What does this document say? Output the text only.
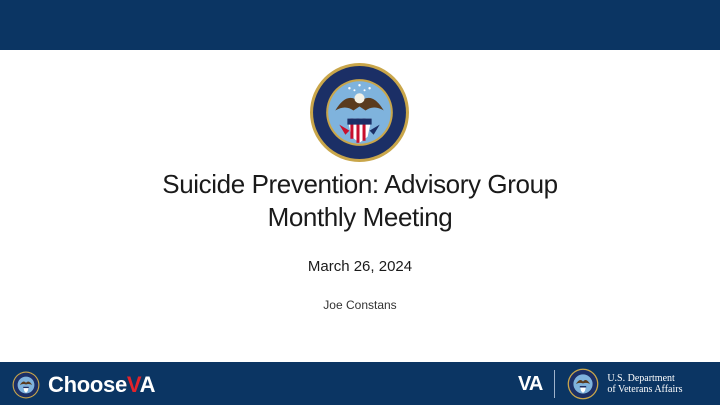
Suicide Prevention: Advisory Group
Monthly Meeting
March 26, 2024
Joe Constans
ChooseVA	VA	U.S. Department
of Veterans Affairs
